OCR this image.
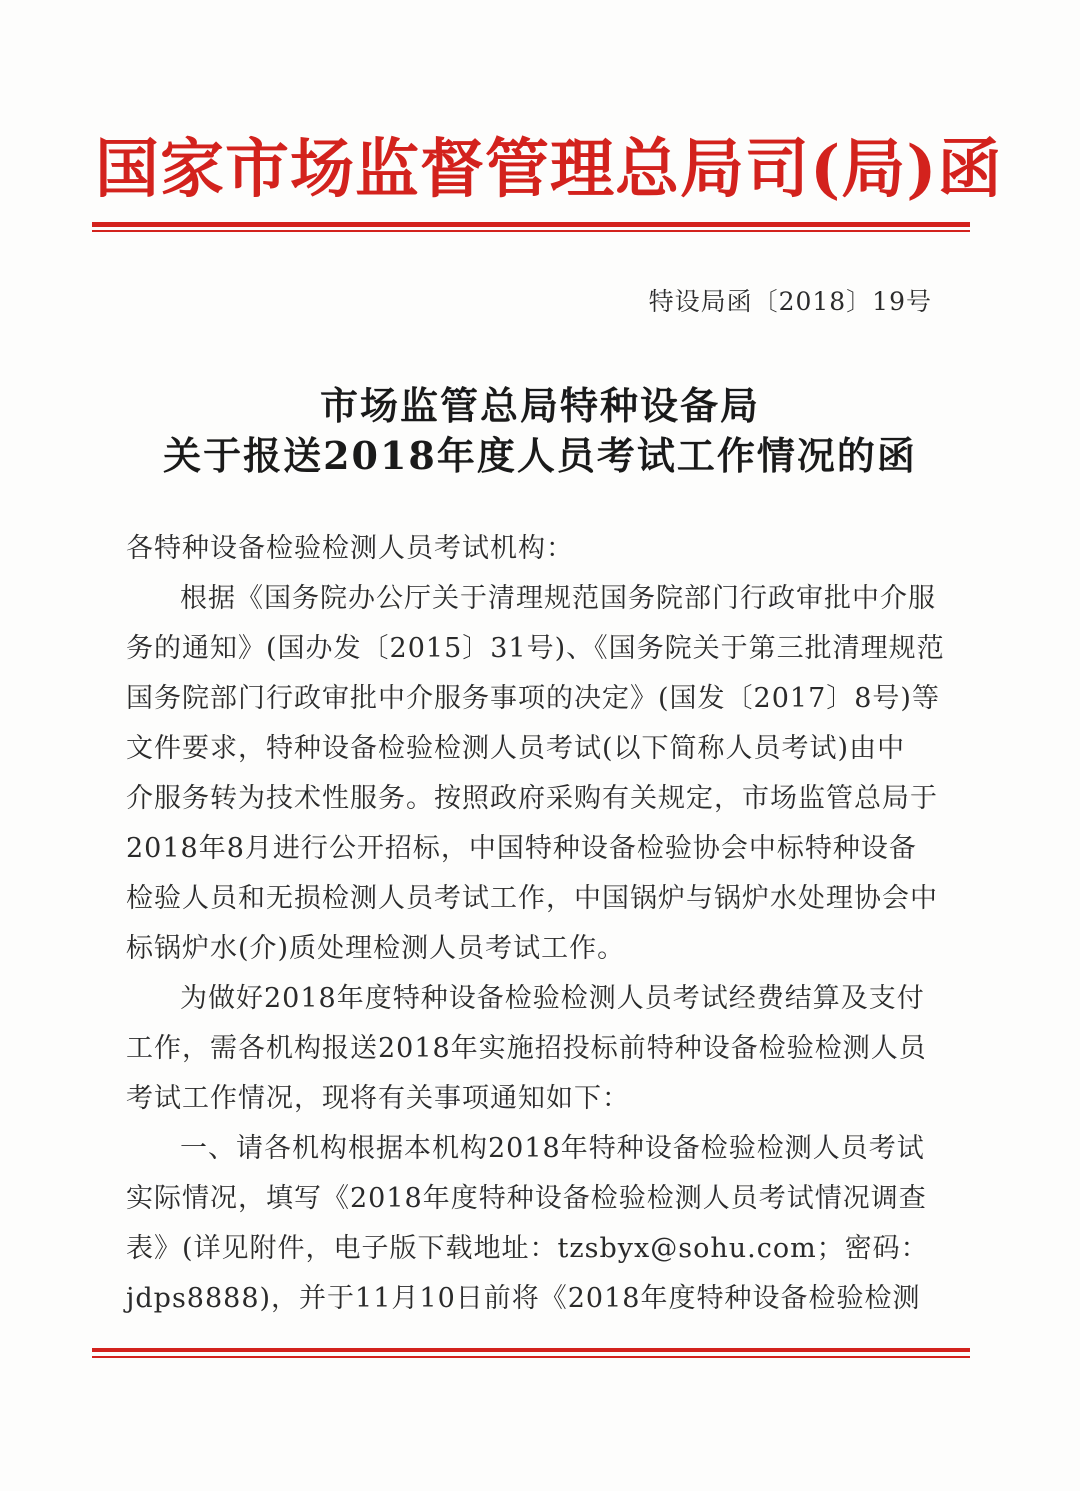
国家市场监督管理总局司(局)函
特设局函〔2018〕19号
市场监管总局特种设备局
关于报送2018年度人员考试工作情况的函
各特种设备检验检测人员考试机构：
根据《国务院办公厅关于清理规范国务院部门行政审批中介服
务的通知》(国办发〔2015〕31号)、《国务院关于第三批清理规范
国务院部门行政审批中介服务事项的决定》(国发〔2017〕8号)等
文件要求，特种设备检验检测人员考试(以下简称人员考试)由中
介服务转为技术性服务。按照政府采购有关规定，市场监管总局于
2018年8月进行公开招标，中国特种设备检验协会中标特种设备
检验人员和无损检测人员考试工作，中国锅炉与锅炉水处理协会中
标锅炉水(介)质处理检测人员考试工作。
为做好2018年度特种设备检验检测人员考试经费结算及支付
工作，需各机构报送2018年实施招投标前特种设备检验检测人员
考试工作情况，现将有关事项通知如下：
一、请各机构根据本机构2018年特种设备检验检测人员考试
实际情况，填写《2018年度特种设备检验检测人员考试情况调查
表》(详见附件，电子版下载地址：tzsbyx@sohu.com；密码：
jdps8888)，并于11月10日前将《2018年度特种设备检验检测
